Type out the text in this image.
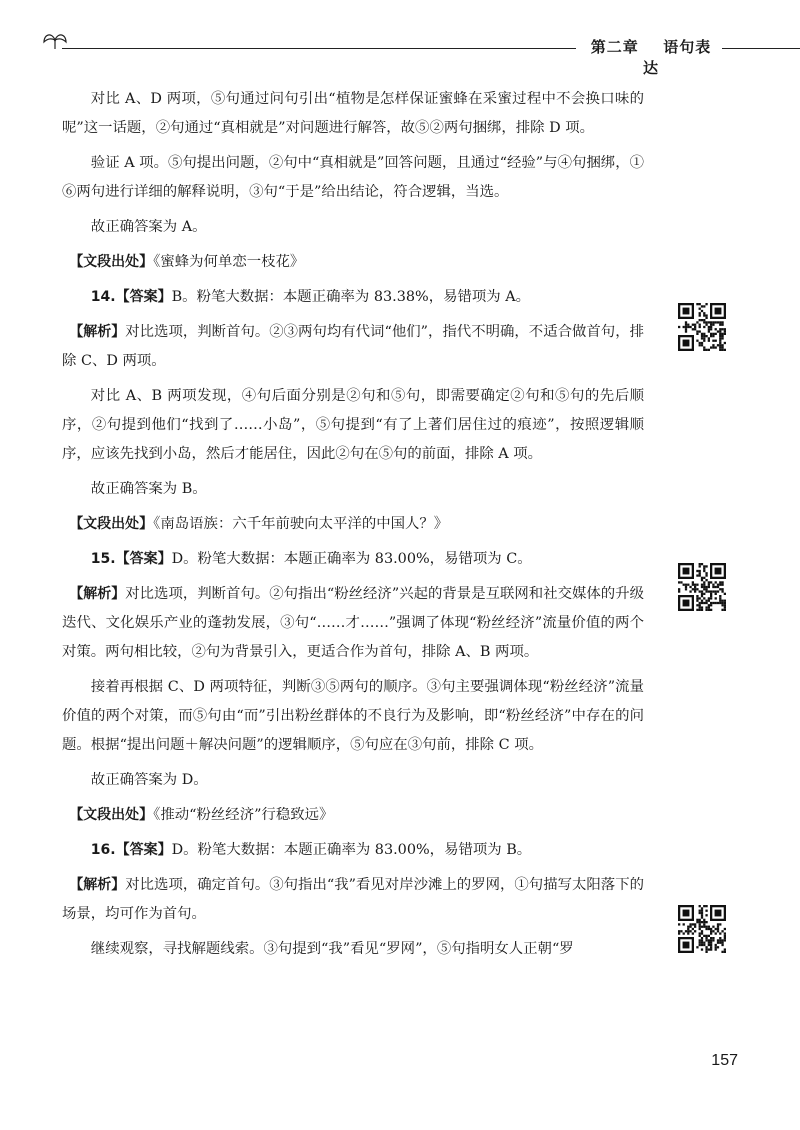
第二章 语句表达

对比 A、D 两项，⑤句通过问句引出“植物是怎样保证蜜蜂在采蜜过程中不会换口味的呢”这一话题，②句通过“真相就是”对问题进行解答，故⑤②两句捆绑，排除 D 项。

验证 A 项。⑤句提出问题，②句中“真相就是”回答问题，且通过“经验”与④句捆绑，①⑥两句进行详细的解释说明，③句“于是”给出结论，符合逻辑，当选。

故正确答案为 A。

【文段出处】《蜜蜂为何单恋一枝花》

14.【答案】B。粉笔大数据：本题正确率为 83.38%，易错项为 A。

【解析】对比选项，判断首句。②③两句均有代词“他们”，指代不明确，不适合做首句，排除 C、D 两项。

对比 A、B 两项发现，④句后面分别是②句和⑤句，即需要确定②句和⑤句的先后顺序，②句提到他们“找到了……小岛”，⑤句提到“有了上著们居住过的痕迹”，按照逻辑顺序，应该先找到小岛，然后才能居住，因此②句在⑤句的前面，排除 A 项。

故正确答案为 B。

【文段出处】《南岛语族：六千年前驶向太平洋的中国人？》

15.【答案】D。粉笔大数据：本题正确率为 83.00%，易错项为 C。

【解析】对比选项，判断首句。②句指出“粉丝经济”兴起的背景是互联网和社交媒体的升级迭代、文化娱乐产业的蓬勃发展，③句“……才……”强调了体现“粉丝经济”流量价值的两个对策。两句相比较，②句为背景引入，更适合作为首句，排除 A、B 两项。

接着再根据 C、D 两项特征，判断③⑤两句的顺序。③句主要强调体现“粉丝经济”流量价值的两个对策，而⑤句由“而”引出粉丝群体的不良行为及影响，即“粉丝经济”中存在的问题。根据“提出问题＋解决问题”的逻辑顺序，⑤句应在③句前，排除 C 项。

故正确答案为 D。

【文段出处】《推动“粉丝经济”行稳致远》

16.【答案】D。粉笔大数据：本题正确率为 83.00%，易错项为 B。

【解析】对比选项，确定首句。③句指出“我”看见对岸沙滩上的罗网，①句描写太阳落下的场景，均可作为首句。

继续观察，寻找解题线索。③句提到“我”看见“罗网”，⑤句指明女人正朝“罗

157
